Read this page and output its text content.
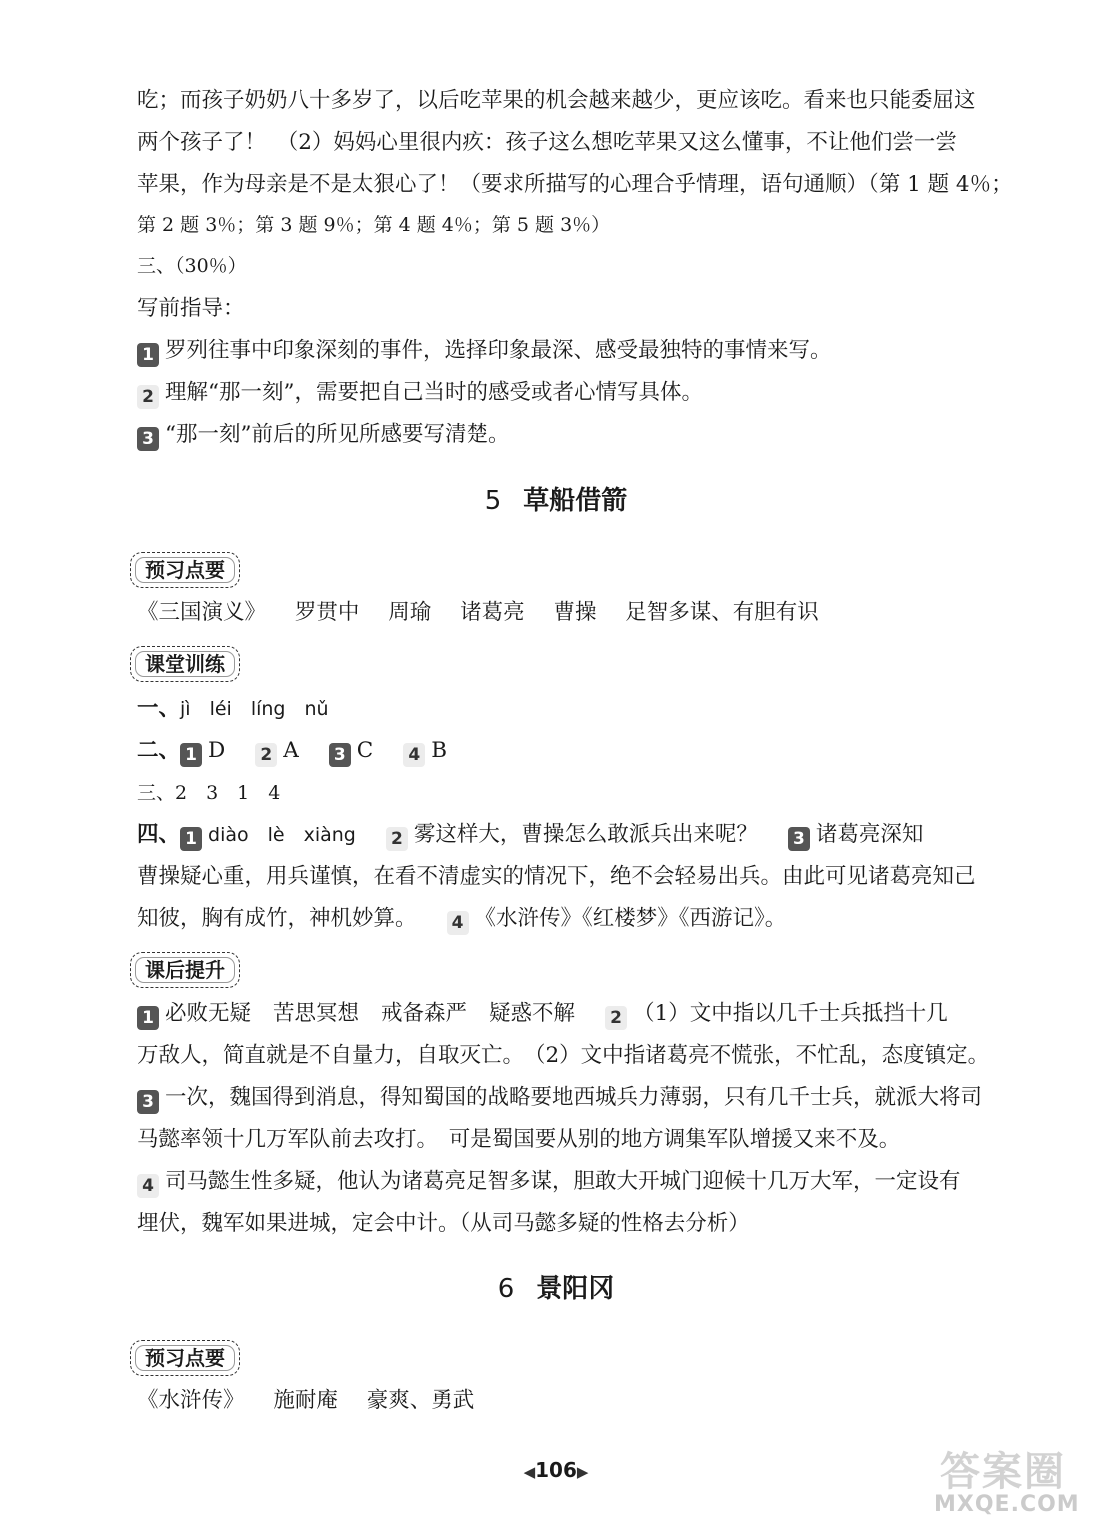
吃；而孩子奶奶八十多岁了，以后吃苹果的机会越来越少，更应该吃。看来也只能委屈这
两个孩子了！　（2）妈妈心里很内疚：孩子这么想吃苹果又这么懂事，不让他们尝一尝
苹果，作为母亲是不是太狠心了！（要求所描写的心理合乎情理，语句通顺）（第 1 题 4％；
第 2 题 3％；第 3 题 9％；第 4 题 4％；第 5 题 3％）
三、（30％）
写前指导：
1 罗列往事中印象深刻的事件，选择印象最深、感受最独特的事情来写。
2 理解“那一刻”，需要把自己当时的感受或者心情写具体。
3 “那一刻”前后的所见所感要写清楚。
5 草船借箭
预习点要
《三国演义》 罗贯中 周瑜 诸葛亮 曹操 足智多谋、有胆有识
课堂训练
一、jì　léi　líng　nǔ
二、 1 D 2 A 3 C 4 B
三、2　3　1　4
四、 1 diào　lè　xiàng 2 雾这样大，曹操怎么敢派兵出来呢？ 3 诸葛亮深知
曹操疑心重，用兵谨慎，在看不清虚实的情况下，绝不会轻易出兵。由此可见诸葛亮知己
知彼，胸有成竹，神机妙算。 4 《水浒传》《红楼梦》《西游记》。
课后提升
1 必败无疑 苦思冥想 戒备森严 疑惑不解 2 （1）文中指以几千士兵抵挡十几
万敌人，简直就是不自量力，自取灭亡。　（2）文中指诸葛亮不慌张，不忙乱，态度镇定。
3 一次，魏国得到消息，得知蜀国的战略要地西城兵力薄弱，只有几千士兵，就派大将司
马懿率领十几万军队前去攻打。　可是蜀国要从别的地方调集军队增援又来不及。
4 司马懿生性多疑，他认为诸葛亮足智多谋，胆敢大开城门迎候十几万大军，一定设有
埋伏，魏军如果进城，定会中计。（从司马懿多疑的性格去分析）
6 景阳冈
预习点要
《水浒传》 施耐庵 豪爽、勇武
◀106▶	答案圈
MXQE.COM
